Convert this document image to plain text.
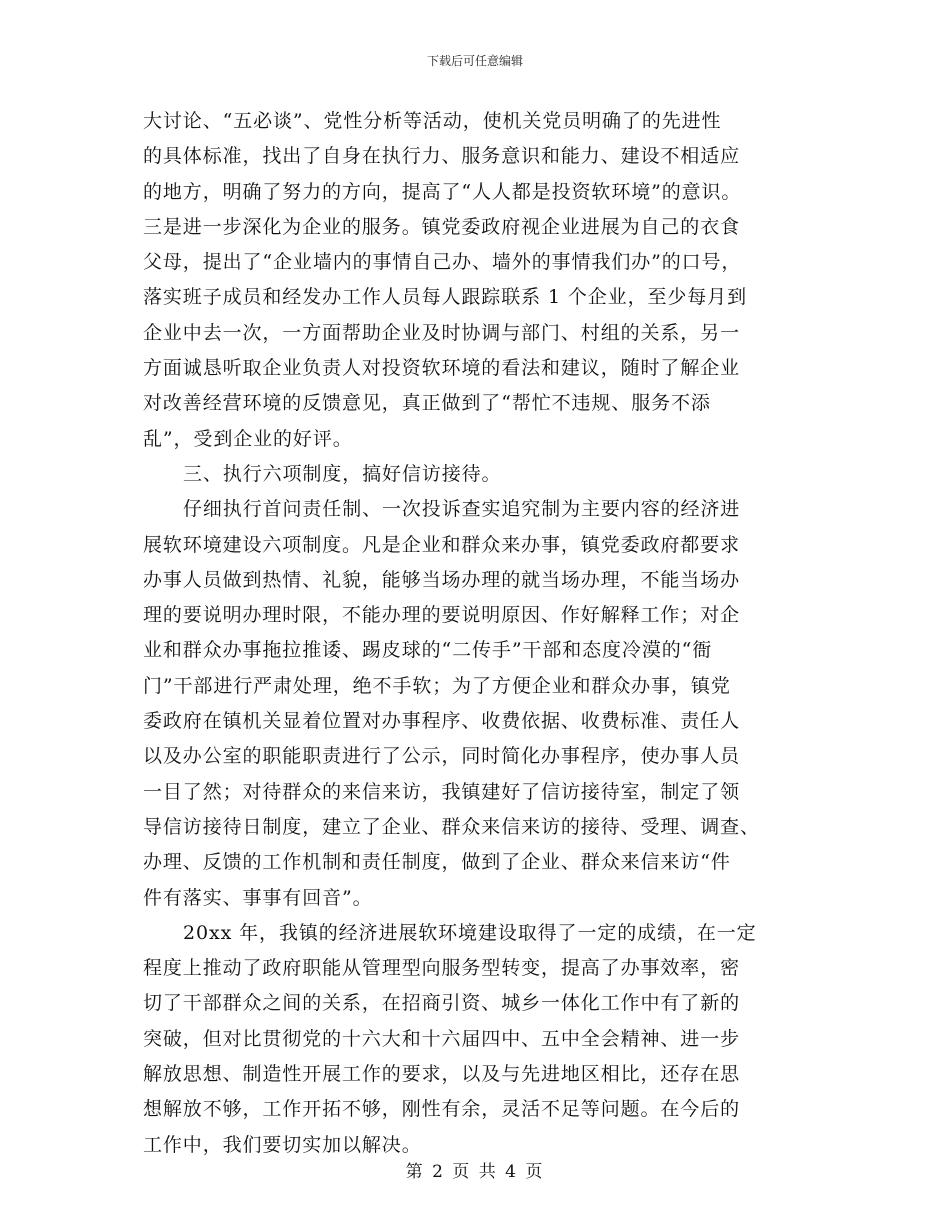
下载后可任意编辑
大讨论、“五必谈”、党性分析等活动，使机关党员明确了的先进性
的具体标准，找出了自身在执行力、服务意识和能力、建设不相适应
的地方，明确了努力的方向，提高了“人人都是投资软环境”的意识。
三是进一步深化为企业的服务。镇党委政府视企业进展为自己的衣食
父母，提出了“企业墙内的事情自己办、墙外的事情我们办”的口号，
落实班子成员和经发办工作人员每人跟踪联系 1 个企业，至少每月到
企业中去一次，一方面帮助企业及时协调与部门、村组的关系，另一
方面诚恳听取企业负责人对投资软环境的看法和建议，随时了解企业
对改善经营环境的反馈意见，真正做到了“帮忙不违规、服务不添
乱”，受到企业的好评。
三、执行六项制度，搞好信访接待。
仔细执行首问责任制、一次投诉查实追究制为主要内容的经济进
展软环境建设六项制度。凡是企业和群众来办事，镇党委政府都要求
办事人员做到热情、礼貌，能够当场办理的就当场办理，不能当场办
理的要说明办理时限，不能办理的要说明原因、作好解释工作；对企
业和群众办事拖拉推诿、踢皮球的“二传手”干部和态度冷漠的“衙
门”干部进行严肃处理，绝不手软；为了方便企业和群众办事，镇党
委政府在镇机关显着位置对办事程序、收费依据、收费标准、责任人
以及办公室的职能职责进行了公示，同时简化办事程序，使办事人员
一目了然；对待群众的来信来访，我镇建好了信访接待室，制定了领
导信访接待日制度，建立了企业、群众来信来访的接待、受理、调查、
办理、反馈的工作机制和责任制度，做到了企业、群众来信来访“件
件有落实、事事有回音”。
20xx 年，我镇的经济进展软环境建设取得了一定的成绩，在一定
程度上推动了政府职能从管理型向服务型转变，提高了办事效率，密
切了干部群众之间的关系，在招商引资、城乡一体化工作中有了新的
突破，但对比贯彻党的十六大和十六届四中、五中全会精神、进一步
解放思想、制造性开展工作的要求，以及与先进地区相比，还存在思
想解放不够，工作开拓不够，刚性有余，灵活不足等问题。在今后的
工作中，我们要切实加以解决。
第 2 页 共 4 页
